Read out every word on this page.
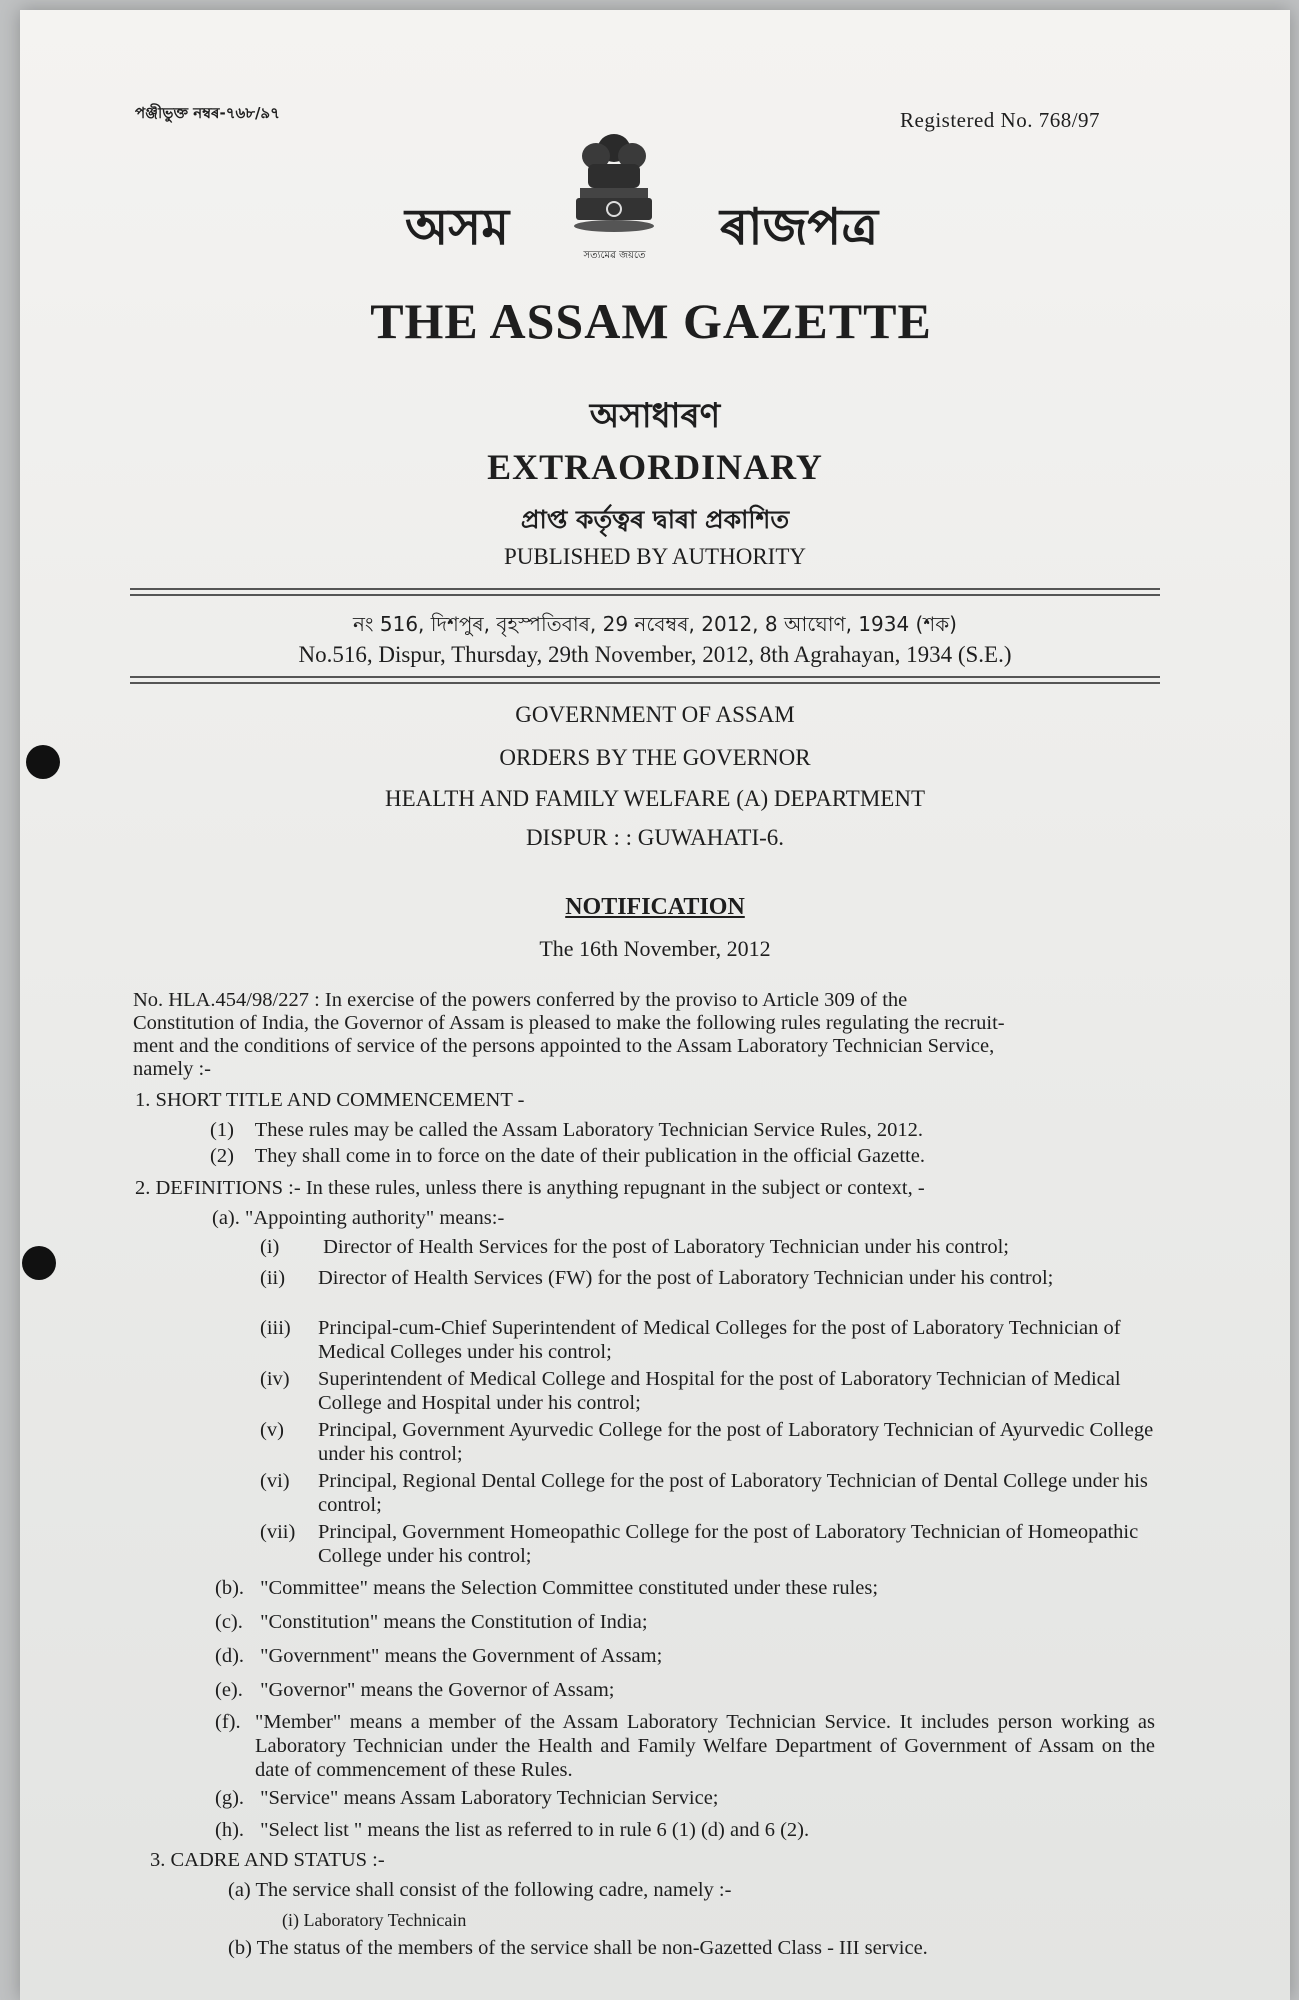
পঞ্জীভুক্ত নম্বৰ-৭৬৮/৯৭	Registered No. 768/97
সত্যমেৱ জয়তে
অসম	ৰাজপত্ৰ
THE ASSAM GAZETTE
অসাধাৰণ
EXTRAORDINARY
প্ৰাপ্ত কৰ্তৃত্বৰ দ্বাৰা প্ৰকাশিত
PUBLISHED BY AUTHORITY
নং 516, দিশপুৰ, বৃহস্পতিবাৰ, 29 নবেম্বৰ, 2012, 8 আঘোণ, 1934 (শক)
No.516, Dispur, Thursday, 29th November, 2012, 8th Agrahayan, 1934 (S.E.)
GOVERNMENT OF ASSAM
ORDERS BY THE GOVERNOR
HEALTH AND FAMILY WELFARE (A) DEPARTMENT
DISPUR : : GUWAHATI-6.
NOTIFICATION
The 16th November, 2012
No. HLA.454/98/227 : In exercise of the powers conferred by the proviso to Article 309 of the
Constitution of India, the Governor of Assam is pleased to make the following rules regulating the recruit-
ment and the conditions of service of the persons appointed to the Assam Laboratory Technician Service,
namely :-
1. SHORT TITLE AND COMMENCEMENT -
(1) These rules may be called the Assam Laboratory Technician Service Rules, 2012.
(2) They shall come in to force on the date of their publication in the official Gazette.
2. DEFINITIONS :- In these rules, unless there is anything repugnant in the subject or context, -
(a). "Appointing authority" means:-
(i) Director of Health Services for the post of Laboratory Technician under his control;
(ii)	Director of Health Services (FW) for the post of Laboratory Technician under his control;
(iii)	Principal-cum-Chief Superintendent of Medical Colleges for the post of Laboratory Technician of Medical Colleges under his control;
(iv)	Superintendent of Medical College and Hospital for the post of Laboratory Technician of Medical College and Hospital under his control;
(v)	Principal, Government Ayurvedic College for the post of Laboratory Technician of Ayurvedic College under his control;
(vi)	Principal, Regional Dental College for the post of Laboratory Technician of Dental College under his control;
(vii)	Principal, Government Homeopathic College for the post of Laboratory Technician of Homeopathic College under his control;
(b). "Committee" means the Selection Committee constituted under these rules;
(c). "Constitution" means the Constitution of India;
(d). "Government" means the Government of Assam;
(e). "Governor" means the Governor of Assam;
(f). "Member" means a member of the Assam Laboratory Technician Service. It includes person working as Laboratory Technician under the Health and Family Welfare Department of Government of Assam on the date of commencement of these Rules.
(g). "Service" means Assam Laboratory Technician Service;
(h). "Select list " means the list as referred to in rule 6 (1) (d) and 6 (2).
3. CADRE AND STATUS :-
(a) The service shall consist of the following cadre, namely :-
(i) Laboratory Technicain
(b) The status of the members of the service shall be non-Gazetted Class - III service.
